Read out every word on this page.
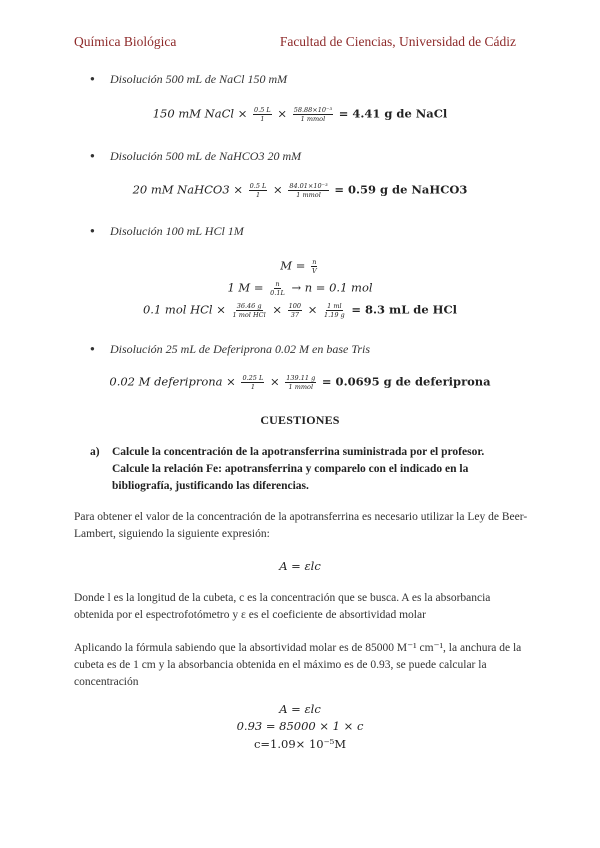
Química Biológica	Facultad de Ciencias, Universidad de Cádiz
● Disolución 500 mL de NaCl 150 mM
150 mM NaCl × $\frac{0.5 L}{1} \times \frac{\text{58.88×10⁻³}}{\text{1 mmol}} = 4.41$ g de NaCl
● Disolución 500 mL de NaHCO3 20 mM
20 mM NaHCO3 × $\frac{0.5 L}{1} \times \frac{\text{84.01×10⁻³}}{\text{1 mmol}} = 0.59$ g de NaHCO3
● Disolución 100 mL HCl 1M
$M = \frac{n}{V}$
1 $M = \frac{n}{0.1L} \to n = 0.1$ mol
0.1 mol HCl × $\frac{36.46 g}{\text{1 mol HCl}} \times \frac{100}{37} \times \frac{1 ml}{1.19 g} = 8.3$ mL de HCl
● Disolución 25 mL de Deferiprona 0.02 M en base Tris
0.02 M deferiprona × $\frac{0.25 L}{1} \times \frac{139.11 g}{\text{1 mmol}} = 0.0695$ g de deferiprona
CUESTIONES
a) Calcule la concentración de la apotransferrina suministrada por el profesor. Calcule la relación Fe: apotransferrina y comparelo con el indicado en la bibliografía, justificando las diferencias.
Para obtener el valor de la concentración de la apotransferrina es necesario utilizar la Ley de Beer-Lambert, siguiendo la siguiente expresión:
A = εlc
Donde l es la longitud de la cubeta, c es la concentración que se busca. A es la absorbancia obtenida por el espectrofotómetro y ε es el coeficiente de absortividad molar
Aplicando la fórmula sabiendo que la absortividad molar es de 85000 M⁻¹ cm⁻¹, la anchura de la cubeta es de 1 cm y la absorbancia obtenida en el máximo es de 0.93, se puede calcular la concentración
A = εlc
0.93 = 85000 × 1 × c
c=1.09× 10⁻⁵M
